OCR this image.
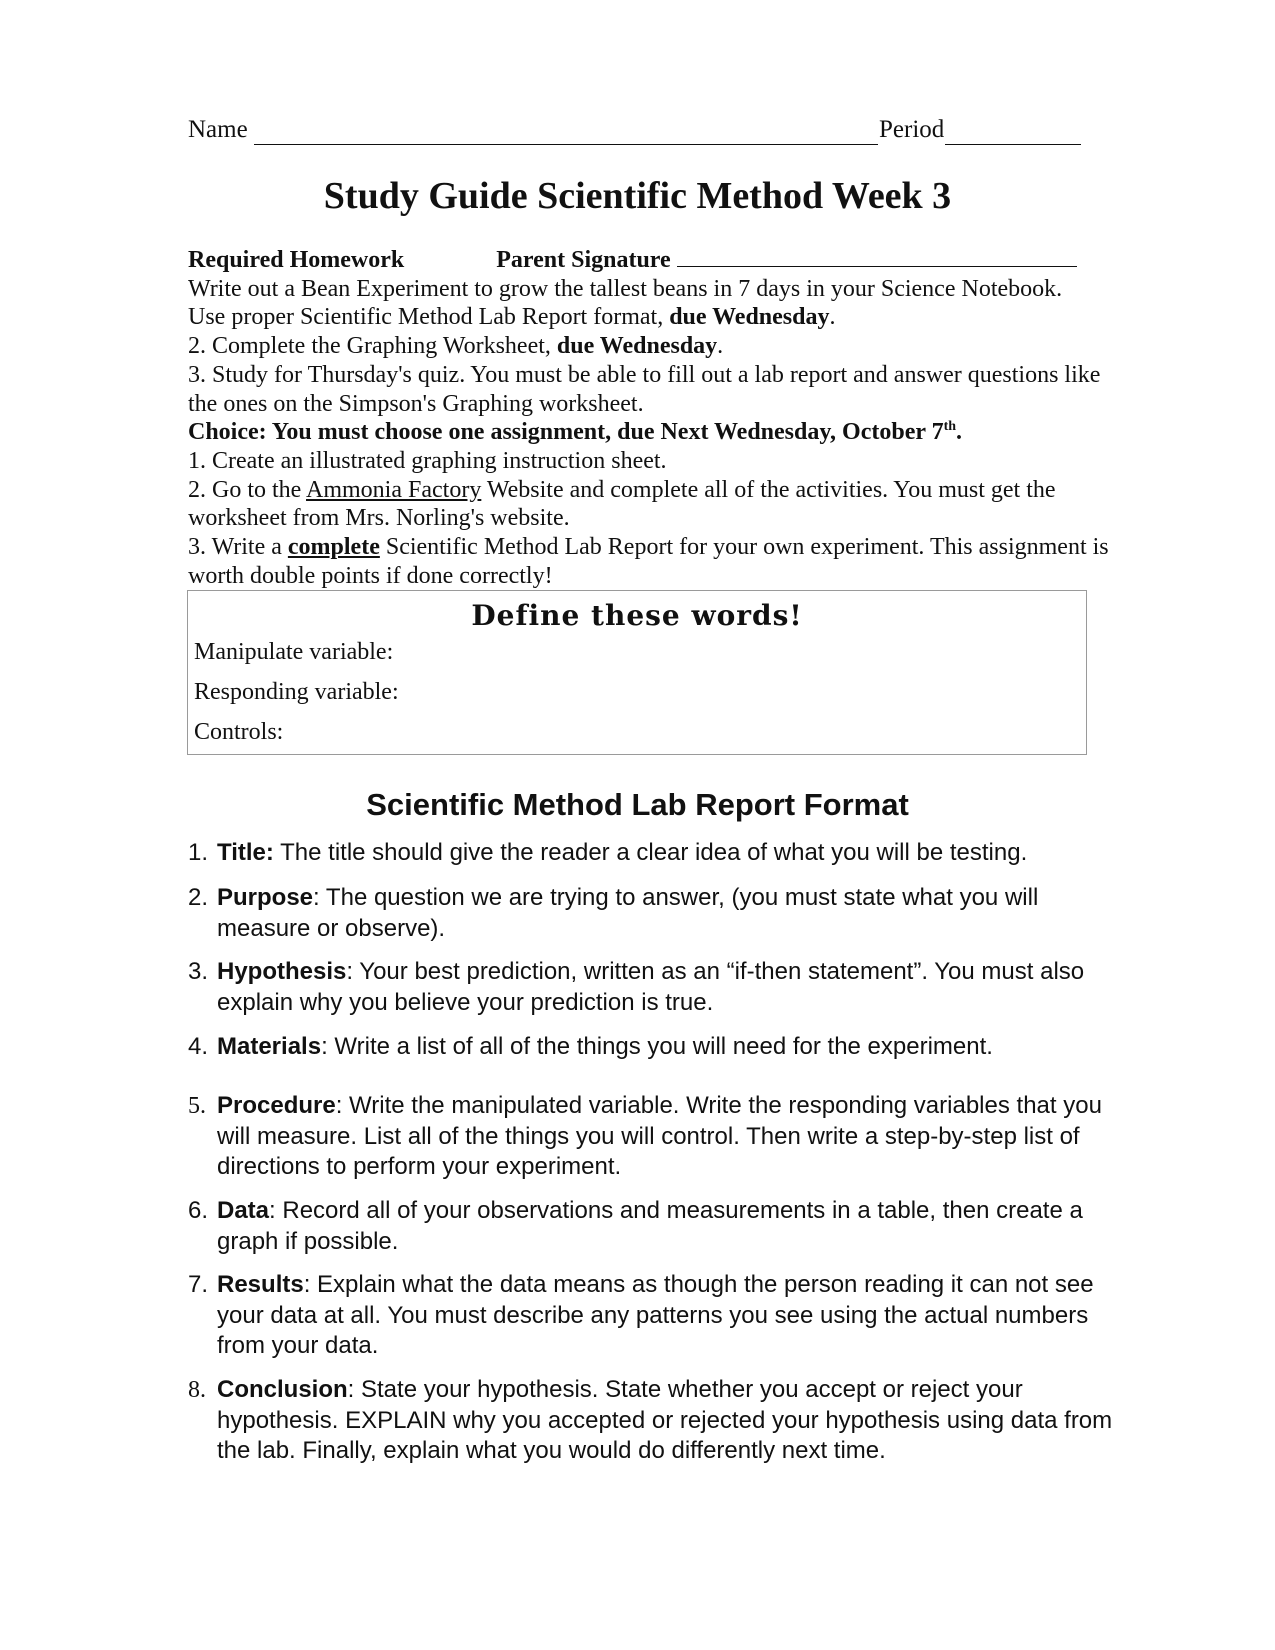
Name	Period
Study Guide Scientific Method Week 3

Required Homework	Parent Signature

Write out a Bean Experiment to grow the tallest beans in 7 days in your Science Notebook.

Use proper Scientific Method Lab Report format, due Wednesday.

2. Complete the Graphing Worksheet, due Wednesday.

3. Study for Thursday's quiz. You must be able to fill out a lab report and answer questions like the ones on the Simpson's Graphing worksheet.

Choice: You must choose one assignment, due Next Wednesday, October 7th.

1. Create an illustrated graphing instruction sheet.

2. Go to the Ammonia Factory Website and complete all of the activities. You must get the worksheet from Mrs. Norling's website.

3. Write a complete Scientific Method Lab Report for your own experiment. This assignment is worth double points if done correctly!

Define these words!
Manipulate variable:
Responding variable:
Controls:
Scientific Method Lab Report Format
1. Title: The title should give the reader a clear idea of what you will be testing.
2. Purpose: The question we are trying to answer, (you must state what you will measure or observe).
3. Hypothesis: Your best prediction, written as an “if-then statement”. You must also explain why you believe your prediction is true.
4. Materials: Write a list of all of the things you will need for the experiment.
5. Procedure: Write the manipulated variable. Write the responding variables that you will measure. List all of the things you will control. Then write a step-by-step list of directions to perform your experiment.
6. Data: Record all of your observations and measurements in a table, then create a graph if possible.
7. Results: Explain what the data means as though the person reading it can not see your data at all. You must describe any patterns you see using the actual numbers from your data.
8. Conclusion: State your hypothesis. State whether you accept or reject your hypothesis. EXPLAIN why you accepted or rejected your hypothesis using data from the lab. Finally, explain what you would do differently next time.
